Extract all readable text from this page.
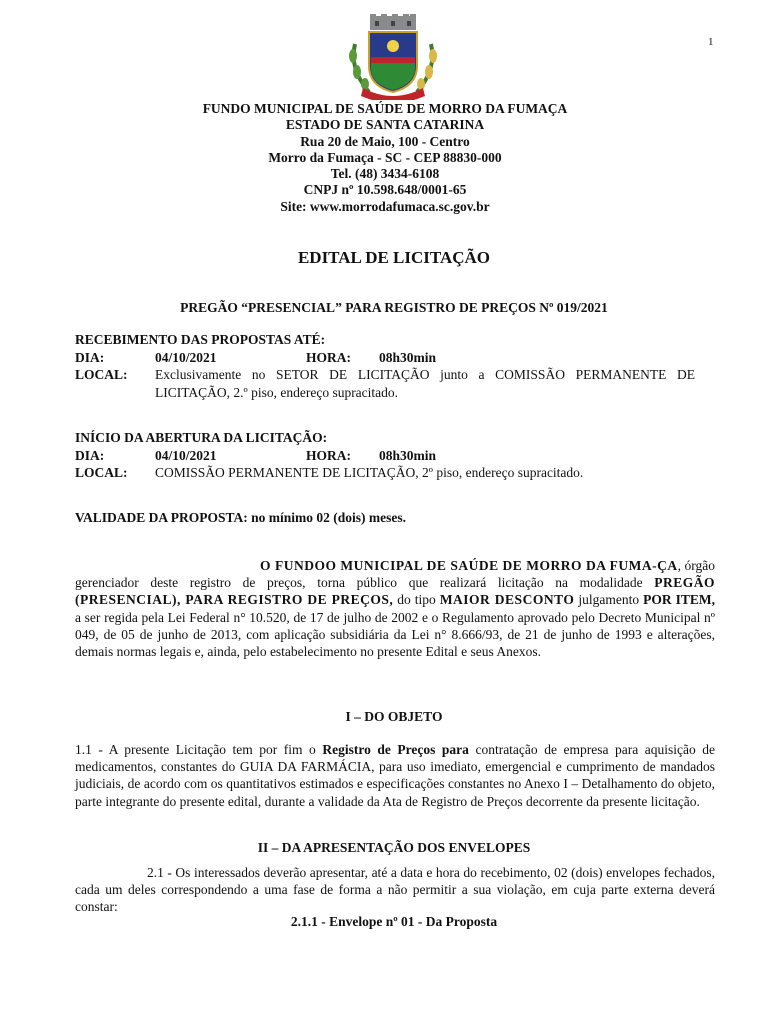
1
FUNDO MUNICIPAL DE SAÚDE DE MORRO DA FUMAÇA
ESTADO DE SANTA CATARINA
Rua 20 de Maio, 100 - Centro
Morro da Fumaça - SC - CEP 88830-000
Tel. (48) 3434-6108
CNPJ nº 10.598.648/0001-65
Site: www.morrodafumaca.sc.gov.br
EDITAL DE LICITAÇÃO
PREGÃO “PRESENCIAL” PARA REGISTRO DE PREÇOS Nº 019/2021
RECEBIMENTO DAS PROPOSTAS ATÉ:
DIA:	04/10/2021	HORA: 08h30min
LOCAL: Exclusivamente no SETOR DE LICITAÇÃO junto a COMISSÃO PERMANENTE DE LICITAÇÃO, 2.º piso, endereço supracitado.
INÍCIO DA ABERTURA DA LICITAÇÃO:
DIA:	04/10/2021	HORA: 08h30min
LOCAL: COMISSÃO PERMANENTE DE LICITAÇÃO, 2º piso, endereço supracitado.
VALIDADE DA PROPOSTA: no mínimo 02 (dois) meses.
O FUNDOO MUNICIPAL DE SAÚDE DE MORRO DA FUMA-ÇA, órgão gerenciador deste registro de preços, torna público que realizará licitação na modalidade PREGÃO (PRESENCIAL), PARA REGISTRO DE PREÇOS, do tipo MAIOR DESCONTO julgamento POR ITEM, a ser regida pela Lei Federal n° 10.520, de 17 de julho de 2002 e o Regulamento aprovado pelo Decreto Municipal nº 049, de 05 de junho de 2013, com aplicação subsidiária da Lei n° 8.666/93, de 21 de junho de 1993 e alterações, demais normas legais e, ainda, pelo estabelecimento no presente Edital e seus Anexos.
I – DO OBJETO
1.1 - A presente Licitação tem por fim o Registro de Preços para contratação de empresa para aquisição de medicamentos, constantes do GUIA DA FARMÁCIA, para uso imediato, emergencial e cumprimento de mandados judiciais, de acordo com os quantitativos estimados e especificações constantes no Anexo I – Detalhamento do objeto, parte integrante do presente edital, durante a validade da Ata de Registro de Preços decorrente da presente licitação.
II – DA APRESENTAÇÃO DOS ENVELOPES
2.1 - Os interessados deverão apresentar, até a data e hora do recebimento, 02 (dois) envelopes fechados, cada um deles correspondendo a uma fase de forma a não permitir a sua violação, em cuja parte externa deverá constar:
2.1.1 - Envelope nº 01 - Da Proposta
